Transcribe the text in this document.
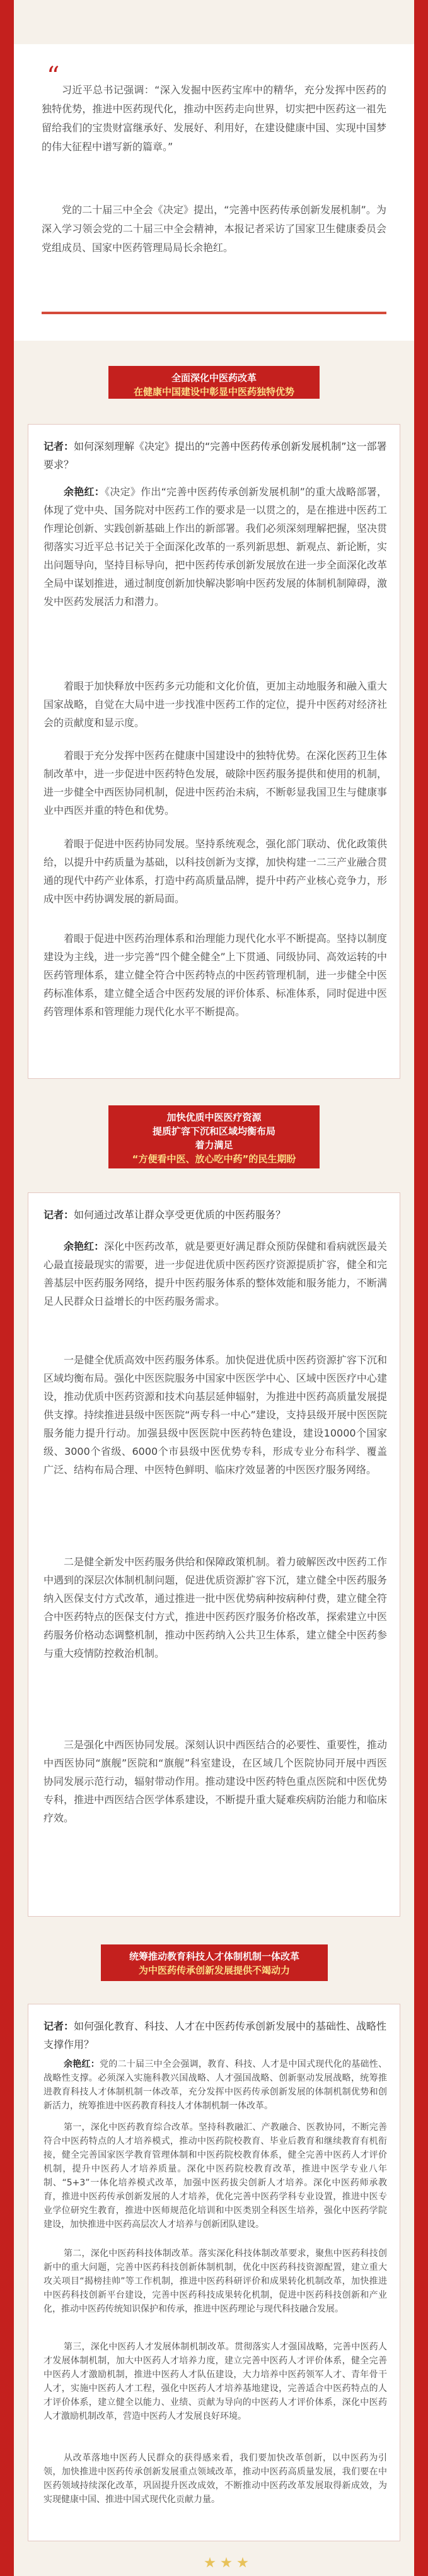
“ 习近平总书记强调：“深入发掘中医药宝库中的精华，充分发挥中医药的独特优势，推进中医药现代化，推动中医药走向世界，切实把中医药这一祖先留给我们的宝贵财富继承好、发展好、利用好，在建设健康中国、实现中国梦的伟大征程中谱写新的篇章。”

党的二十届三中全会《决定》提出，“完善中医药传承创新发展机制”。为深入学习领会党的二十届三中全会精神，本报记者采访了国家卫生健康委员会党组成员、国家中医药管理局局长余艳红。

全面深化中医药改革
在健康中国建设中彰显中医药独特优势
记者：如何深刻理解《决定》提出的“完善中医药传承创新发展机制”这一部署要求？

余艳红：《决定》作出“完善中医药传承创新发展机制”的重大战略部署，体现了党中央、国务院对中医药工作的要求是一以贯之的，是在推进中医药工作理论创新、实践创新基础上作出的新部署。我们必须深刻理解把握，坚决贯彻落实习近平总书记关于全面深化改革的一系列新思想、新观点、新论断，实出问题导向，坚持目标导向，把中医药传承创新发展放在进一步全面深化改革全局中谋划推进，通过制度创新加快解决影响中医药发展的体制机制障碍，激发中医药发展活力和潜力。

着眼于加快释放中医药多元功能和文化价值，更加主动地服务和融入重大国家战略，自觉在大局中进一步找准中医药工作的定位，提升中医药对经济社会的贡献度和显示度。

着眼于充分发挥中医药在健康中国建设中的独特优势。在深化医药卫生体制改革中，进一步促进中医药特色发展，破除中医药服务提供和使用的机制，进一步健全中西医协同机制，促进中医药治未病，不断彰显我国卫生与健康事业中西医并重的特色和优势。

着眼于促进中医药协同发展。坚持系统观念，强化部门联动、优化政策供给，以提升中药质量为基础，以科技创新为支撑，加快构建一二三产业融合贯通的现代中药产业体系，打造中药高质量品牌，提升中药产业核心竞争力，形成中医中药协调发展的新局面。

着眼于促进中医药治理体系和治理能力现代化水平不断提高。坚持以制度建设为主线，进一步完善“四个健全健全”上下贯通、同级协同、高效运转的中医药管理体系，建立健全符合中医药特点的中医药管理机制，进一步健全中医药标准体系，建立健全适合中医药发展的评价体系、标准体系，同时促进中医药管理体系和管理能力现代化水平不断提高。

加快优质中医医疗资源
提质扩容下沉和区域均衡布局
着力满足
“方便看中医、放心吃中药”的民生期盼
记者：如何通过改革让群众享受更优质的中医药服务？

余艳红：深化中医药改革，就是要更好满足群众预防保健和看病就医最关心最直接最现实的需要，进一步促进优质中医药医疗资源提质扩容，健全和完善基层中医药服务网络，提升中医药服务体系的整体效能和服务能力，不断满足人民群众日益增长的中医药服务需求。

一是健全优质高效中医药服务体系。加快促进优质中医药资源扩容下沉和区域均衡布局。强化中医医院服务中国家中医医学中心、区域中医医疗中心建设，推动优质中医药资源和技术向基层延伸辐射，为推进中医药高质量发展提供支撑。持续推进县级中医医院“两专科一中心”建设，支持县级开展中医医院服务能力提升行动。加强县级中医医院中医药特色建设，建设10000个国家级、3000个省级、6000个市县级中医优势专科，形成专业分布科学、覆盖广泛、结构布局合理、中医特色鲜明、临床疗效显著的中医医疗服务网络。

二是健全新发中医药服务供给和保障政策机制。着力破解医改中医药工作中遇到的深层次体制机制问题，促进优质资源扩容下沉，建立健全中医药服务纳入医保支付方式改革，通过推进一批中医优势病种按病种付费，建立健全符合中医药特点的医保支付方式，推进中医药医疗服务价格改革，探索建立中医药服务价格动态调整机制，推动中医药纳入公共卫生体系，建立健全中医药参与重大疫情防控救治机制。

三是强化中西医协同发展。深刻认识中西医结合的必要性、重要性，推动中西医协同“旗舰”医院和“旗舰”科室建设，在区域几个医院协同开展中西医协同发展示范行动，辐射带动作用。推动建设中医药特色重点医院和中医优势专科，推进中西医结合医学体系建设，不断提升重大疑难疾病防治能力和临床疗效。

统筹推动教育科技人才体制机制一体改革
为中医药传承创新发展提供不竭动力
记者：如何强化教育、科技、人才在中医药传承创新发展中的基础性、战略性支撑作用？

余艳红：党的二十届三中全会强调，教育、科技、人才是中国式现代化的基础性、战略性支撑。必须深入实施科教兴国战略、人才强国战略、创新驱动发展战略，统筹推进教育科技人才体制机制一体改革，充分发挥中医药传承创新发展的体制机制优势和创新活力，统筹推进中医药教育科技人才体制机制一体改革。

第一，深化中医药教育综合改革。坚持科教融汇、产教融合、医教协同，不断完善符合中医药特点的人才培养模式，推动中医药院校教育、毕业后教育和继续教育有机衔接，健全完善国家医学教育管理体制和中医药院校教育体系，健全完善中医药人才评价机制，提升中医药人才培养质量。深化中医药院校教育改革，推进中医学专业八年制、“5+3”一体化培养模式改革，加强中医药拔尖创新人才培养。深化中医药师承教育，推进中医药传承创新发展的人才培养，优化完善中医药学科专业设置，推进中医专业学位研究生教育，推进中医师规范化培训和中医类别全科医生培养，强化中医药学院建设，加快推进中医药高层次人才培养与创新团队建设。

第二，深化中医药科技体制改革。落实深化科技体制改革要求，聚焦中医药科技创新中的重大问题，完善中医药科技创新体制机制，优化中医药科技资源配置，建立重大攻关项目“揭榜挂帅”等工作机制，推进中医药科研评价和成果转化机制改革，加快推进中医药科技创新平台建设，完善中医药科技成果转化机制，促进中医药科技创新和产业化，推动中医药传统知识保护和传承，推进中医药理论与现代科技融合发展。

第三，深化中医药人才发展体制机制改革。贯彻落实人才强国战略，完善中医药人才发展体制机制，加大中医药人才培养力度，建立完善中医药人才评价体系，健全完善中医药人才激励机制，推进中医药人才队伍建设，大力培养中医药领军人才、青年骨干人才，实施中医药人才工程，强化中医药人才培养基地建设，完善适合中医药特点的人才评价体系，建立健全以能力、业绩、贡献为导向的中医药人才评价体系，深化中医药人才激励机制改革，营造中医药人才发展良好环境。

从改革落地中医药人民群众的获得感来看，我们要加快改革创新，以中医药为引领，加快推进中医药传承创新发展重点领域改革，推动中医药高质量发展，我们要在中医药领域持续深化改革，巩固提升医改成效，不断推动中医药改革发展取得新成效，为实现健康中国、推进中国式现代化贡献力量。
